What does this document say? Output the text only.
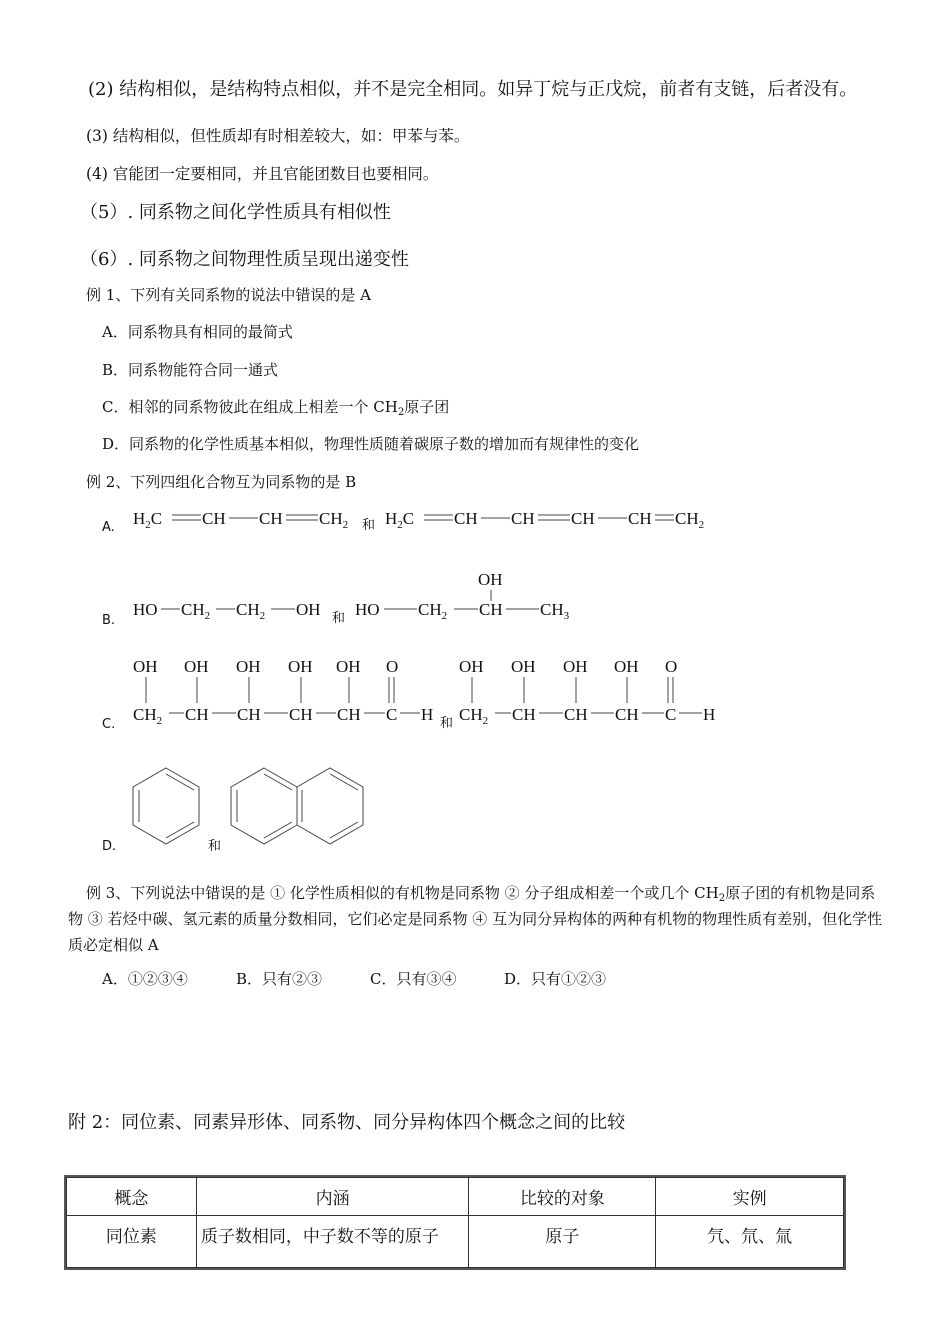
(2) 结构相似，是结构特点相似，并不是完全相同。如异丁烷与正戊烷，前者有支链，后者没有。
(3) 结构相似，但性质却有时相差较大，如：甲苯与苯。
(4) 官能团一定要相同，并且官能团数目也要相同。
（5）. 同系物之间化学性质具有相似性
（6）. 同系物之间物理性质呈现出递变性
例 1、下列有关同系物的说法中错误的是 A
A．同系物具有相同的最简式
B．同系物能符合同一通式
C．相邻的同系物彼此在组成上相差一个 $CH_2$原子团
D．同系物的化学性质基本相似，物理性质随着碳原子数的增加而有规律性的变化
例 2、下列四组化合物互为同系物的是 B
A.
B.
C.
D.
$H_2C$ CH CH $CH_2$ 和 $H_2C$ CH CH CH CH $CH_2$
HO $CH_2$ $CH_2$ OH 和 HO $CH_2$
OH
CH $CH_3$
OH
$CH_2$
OH
CH
OH
CH
OH
CH
OH
CH
O
C H 和
OH
$CH_2$
OH
CH
OH
CH
OH
CH
O
C H
和
例 3、下列说法中错误的是 ① 化学性质相似的有机物是同系物 ② 分子组成相差一个或几个 $CH_2$原子团的有机物是同系物 ③ 若烃中碳、氢元素的质量分数相同，它们必定是同系物 ④ 互为同分异构体的两种有机物的物理性质有差别，但化学性质必定相似 A
A．①②③④	B．只有②③	C．只有③④	D．只有①②③
附 2：同位素、同素异形体、同系物、同分异构体四个概念之间的比较
概念	内涵	比较的对象	实例
同位素	质子数相同，中子数不等的原子	原子	氕、氘、氚
